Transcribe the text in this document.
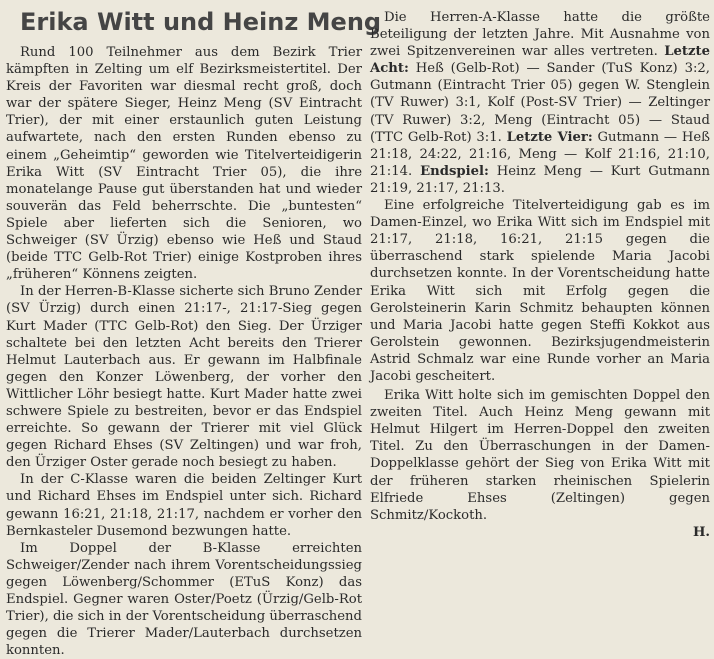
Erika Witt und Heinz Meng

Rund 100 Teilnehmer aus dem Bezirk Trier kämpften in Zelting um elf Bezirksmeistertitel. Der Kreis der Favoriten war diesmal recht groß, doch war der spätere Sieger, Heinz Meng (SV Eintracht Trier), der mit einer erstaunlich guten Leistung aufwartete, nach den ersten Runden ebenso zu einem „Geheimtip“ geworden wie Titelverteidigerin Erika Witt (SV Eintracht Trier 05), die ihre monatelange Pause gut überstanden hat und wieder souverän das Feld beherrschte. Die „buntesten“ Spiele aber lieferten sich die Senioren, wo Schweiger (SV Ürzig) ebenso wie Heß und Staud (beide TTC Gelb-Rot Trier) einige Kostproben ihres „früheren“ Könnens zeigten.

In der Herren-B-Klasse sicherte sich Bruno Zender (SV Ürzig) durch einen 21:17-, 21:17-Sieg gegen Kurt Mader (TTC Gelb-Rot) den Sieg. Der Ürziger schaltete bei den letzten Acht bereits den Trierer Helmut Lauterbach aus. Er gewann im Halbfinale gegen den Konzer Löwenberg, der vorher den Wittlicher Löhr besiegt hatte. Kurt Mader hatte zwei schwere Spiele zu bestreiten, bevor er das Endspiel erreichte. So gewann der Trierer mit viel Glück gegen Richard Ehses (SV Zeltingen) und war froh, den Ürziger Oster gerade noch besiegt zu haben.

In der C-Klasse waren die beiden Zeltinger Kurt und Richard Ehses im Endspiel unter sich. Richard gewann 16:21, 21:18, 21:17, nachdem er vorher den Bernkasteler Dusemond bezwungen hatte.

Im Doppel der B-Klasse erreichten Schweiger/Zender nach ihrem Vorentscheidungssieg gegen Löwenberg/Schommer (ETuS Konz) das Endspiel. Gegner waren Oster/Poetz (Ürzig/Gelb-Rot Trier), die sich in der Vorentscheidung überraschend gegen die Trierer Mader/Lauterbach durchsetzen konnten.

Die Herren-A-Klasse hatte die größte Beteiligung der letzten Jahre. Mit Ausnahme von zwei Spitzenvereinen war alles vertreten. Letzte Acht: Heß (Gelb-Rot) — Sander (TuS Konz) 3:2, Gutmann (Eintracht Trier 05) gegen W. Stenglein (TV Ruwer) 3:1, Kolf (Post-SV Trier) — Zeltinger (TV Ruwer) 3:2, Meng (Eintracht 05) — Staud (TTC Gelb-Rot) 3:1. Letzte Vier: Gutmann — Heß 21:18, 24:22, 21:16, Meng — Kolf 21:16, 21:10, 21:14. Endspiel: Heinz Meng — Kurt Gutmann 21:19, 21:17, 21:13.

Eine erfolgreiche Titelverteidigung gab es im Damen-Einzel, wo Erika Witt sich im Endspiel mit 21:17, 21:18, 16:21, 21:15 gegen die überraschend stark spielende Maria Jacobi durchsetzen konnte. In der Vorentscheidung hatte Erika Witt sich mit Erfolg gegen die Gerolsteinerin Karin Schmitz behaupten können und Maria Jacobi hatte gegen Steffi Kokkot aus Gerolstein gewonnen. Bezirksjugendmeisterin Astrid Schmalz war eine Runde vorher an Maria Jacobi gescheitert.

Erika Witt holte sich im gemischten Doppel den zweiten Titel. Auch Heinz Meng gewann mit Helmut Hilgert im Herren-Doppel den zweiten Titel. Zu den Überraschungen in der Damen-Doppelklasse gehört der Sieg von Erika Witt mit der früheren starken rheinischen Spielerin Elfriede Ehses (Zeltingen) gegen Schmitz/Kockoth.

H.
